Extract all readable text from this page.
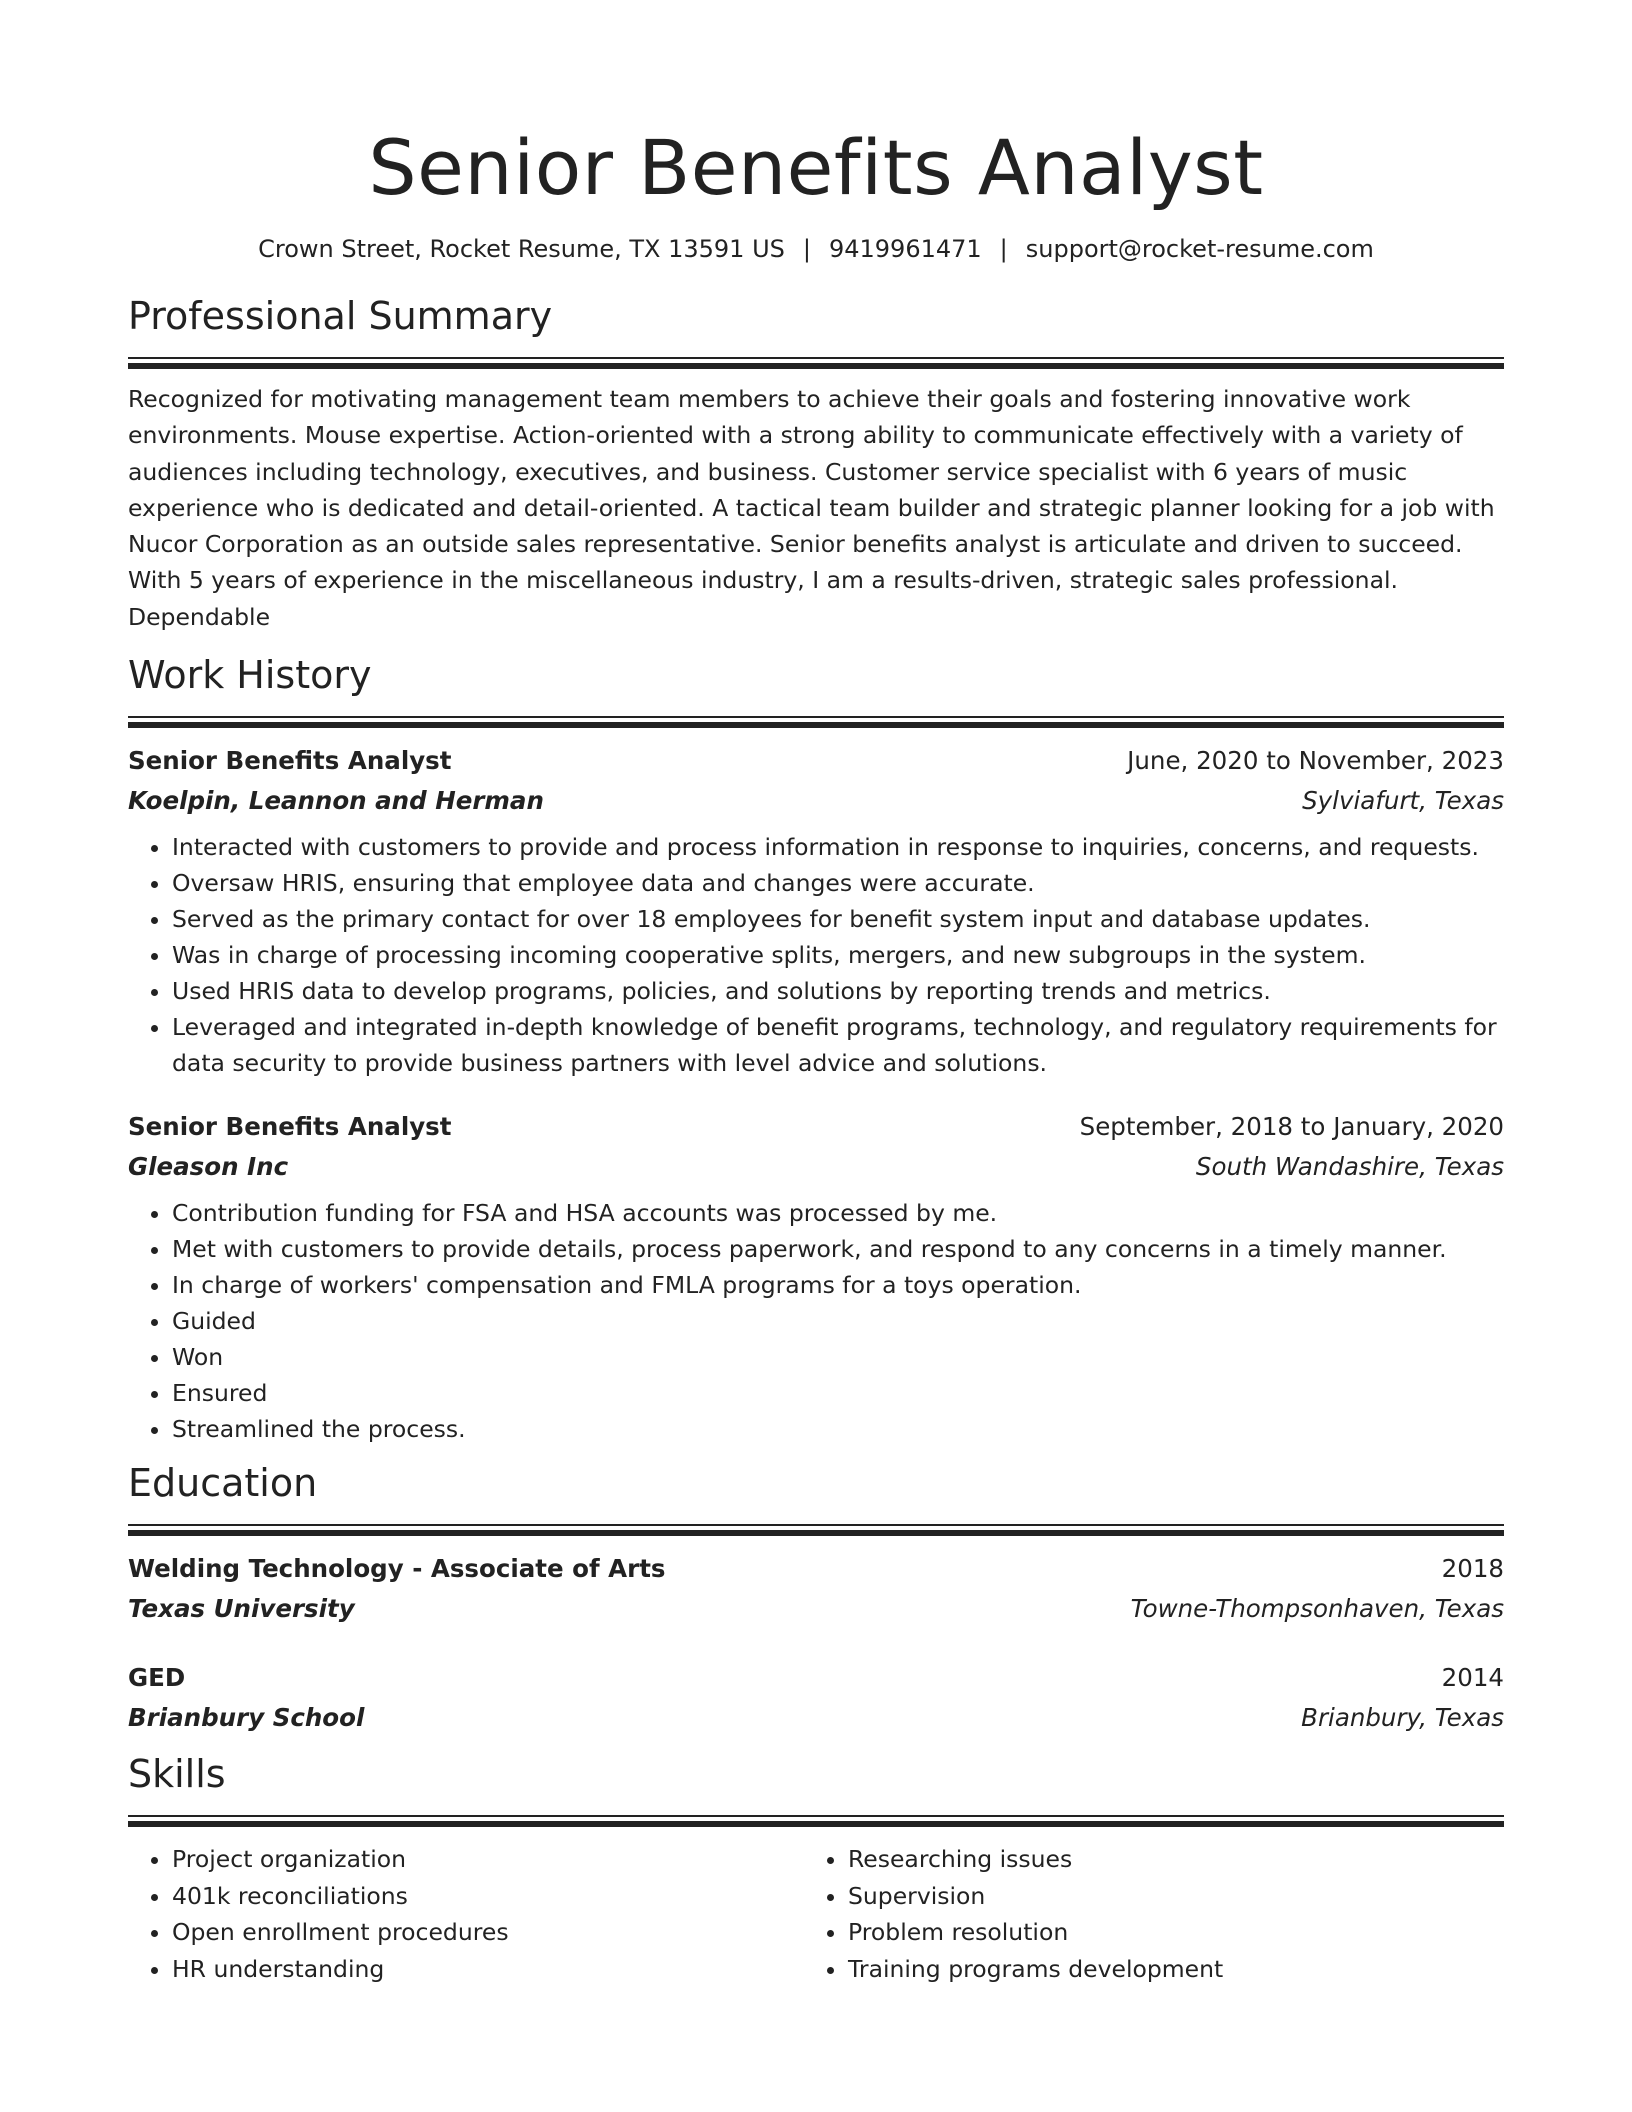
Senior Benefits Analyst
Crown Street, Rocket Resume, TX 13591 US | 9419961471 | support@rocket-resume.com
Professional Summary

Recognized for motivating management team members to achieve their goals and fostering innovative work environments. Mouse expertise. Action-oriented with a strong ability to communicate effectively with a variety of audiences including technology, executives, and business. Customer service specialist with 6 years of music experience who is dedicated and detail-oriented. A tactical team builder and strategic planner looking for a job with Nucor Corporation as an outside sales representative. Senior benefits analyst is articulate and driven to succeed. With 5 years of experience in the miscellaneous industry, I am a results-driven, strategic sales professional. Dependable

Work History
Senior Benefits Analyst	June, 2020 to November, 2023
Koelpin, Leannon and Herman	Sylviafurt, Texas
• Interacted with customers to provide and process information in response to inquiries, concerns, and requests.
• Oversaw HRIS, ensuring that employee data and changes were accurate.
• Served as the primary contact for over 18 employees for benefit system input and database updates.
• Was in charge of processing incoming cooperative splits, mergers, and new subgroups in the system.
• Used HRIS data to develop programs, policies, and solutions by reporting trends and metrics.
• Leveraged and integrated in-depth knowledge of benefit programs, technology, and regulatory requirements for data security to provide business partners with level advice and solutions.
Senior Benefits Analyst	September, 2018 to January, 2020
Gleason Inc	South Wandashire, Texas
• Contribution funding for FSA and HSA accounts was processed by me.
• Met with customers to provide details, process paperwork, and respond to any concerns in a timely manner.
• In charge of workers' compensation and FMLA programs for a toys operation.
• Guided
• Won
• Ensured
• Streamlined the process.
Education
Welding Technology - Associate of Arts	2018
Texas University	Towne-Thompsonhaven, Texas
GED	2014
Brianbury School	Brianbury, Texas
Skills
• Project organization
• 401k reconciliations
• Open enrollment procedures
• HR understanding
• Researching issues
• Supervision
• Problem resolution
• Training programs development
